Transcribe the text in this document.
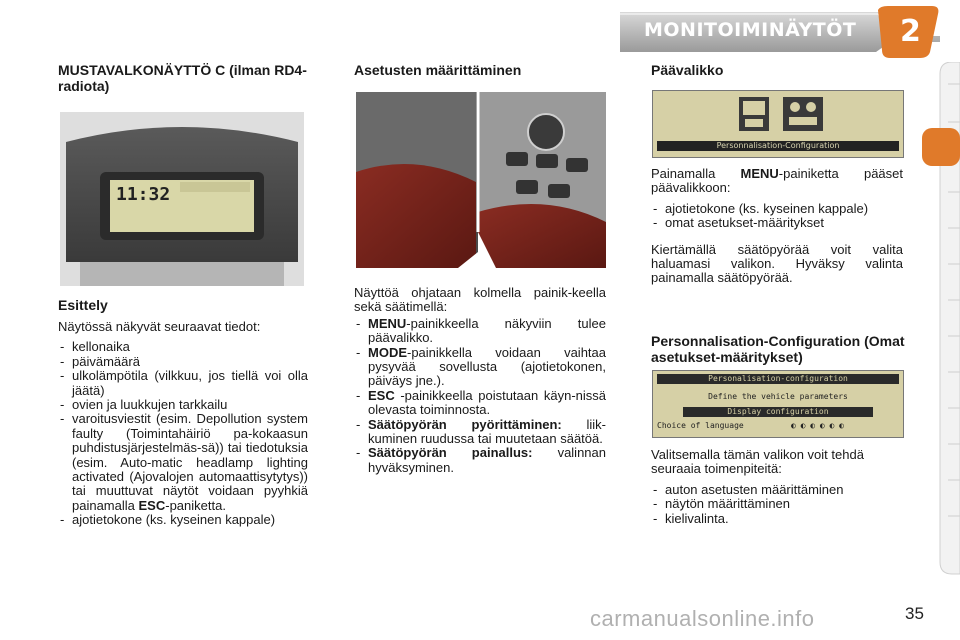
MONITOIMINÄYTÖT 2
MUSTAVALKONÄYTTÖ C (ilman RD4-radiota)
11:32
Esittely

Näytössä näkyvät seuraavat tiedot:

- kellonaika
- päivämäärä
- ulkolämpötila (vilkkuu, jos tiellä voi olla jäätä)
- ovien ja luukkujen tarkkailu
- varoitusviestit (esim. Depollution system faulty (Toimintahäiriö pa-kokaasun puhdistusjärjestelmäs-sä)) tai tiedotuksia (esim. Auto-matic headlamp lighting activated (Ajovalojen automaattisytytys)) tai muuttuvat näytöt voidaan pyyhkiä painamalla ESC-paniketta.
- ajotietokone (ks. kyseinen kappale)
Asetusten määrittäminen

Näyttöä ohjataan kolmella painik-keella sekä säätimellä:

- MENU-painikkeella näkyviin tulee päävalikko.
- MODE-painikkella voidaan vaihtaa pysyvää sovellusta (ajotietokonen, päiväys jne.).
- ESC -painikkeella poistutaan käyn-nissä olevasta toiminnosta.
- Säätöpyörän pyörittäminen: liik-kuminen ruudussa tai muutetaan säätöä.
- Säätöpyörän painallus: valinnan hyväksyminen.
Päävalikko
Personnalisation-Configuration

Painamalla MENU-painiketta pääset päävalikkoon:

- ajotietokone (ks. kyseinen kappale)
- omat asetukset-määritykset

Kiertämällä säätöpyörää voit valita haluamasi valikon. Hyväksy valinta painamalla säätöpyörää.

Personnalisation-Configuration (Omat asetukset-määritykset)
Personalisation-configuration
Define the vehicle parameters
Display configuration
Choice of language	◐ ◐ ◐ ◐ ◐ ◐

Valitsemalla tämän valikon voit tehdä seuraaia toimenpiteitä:

- auton asetusten määrittäminen
- näytön määrittäminen
- kielivalinta.
carmanualsonline.info	35
